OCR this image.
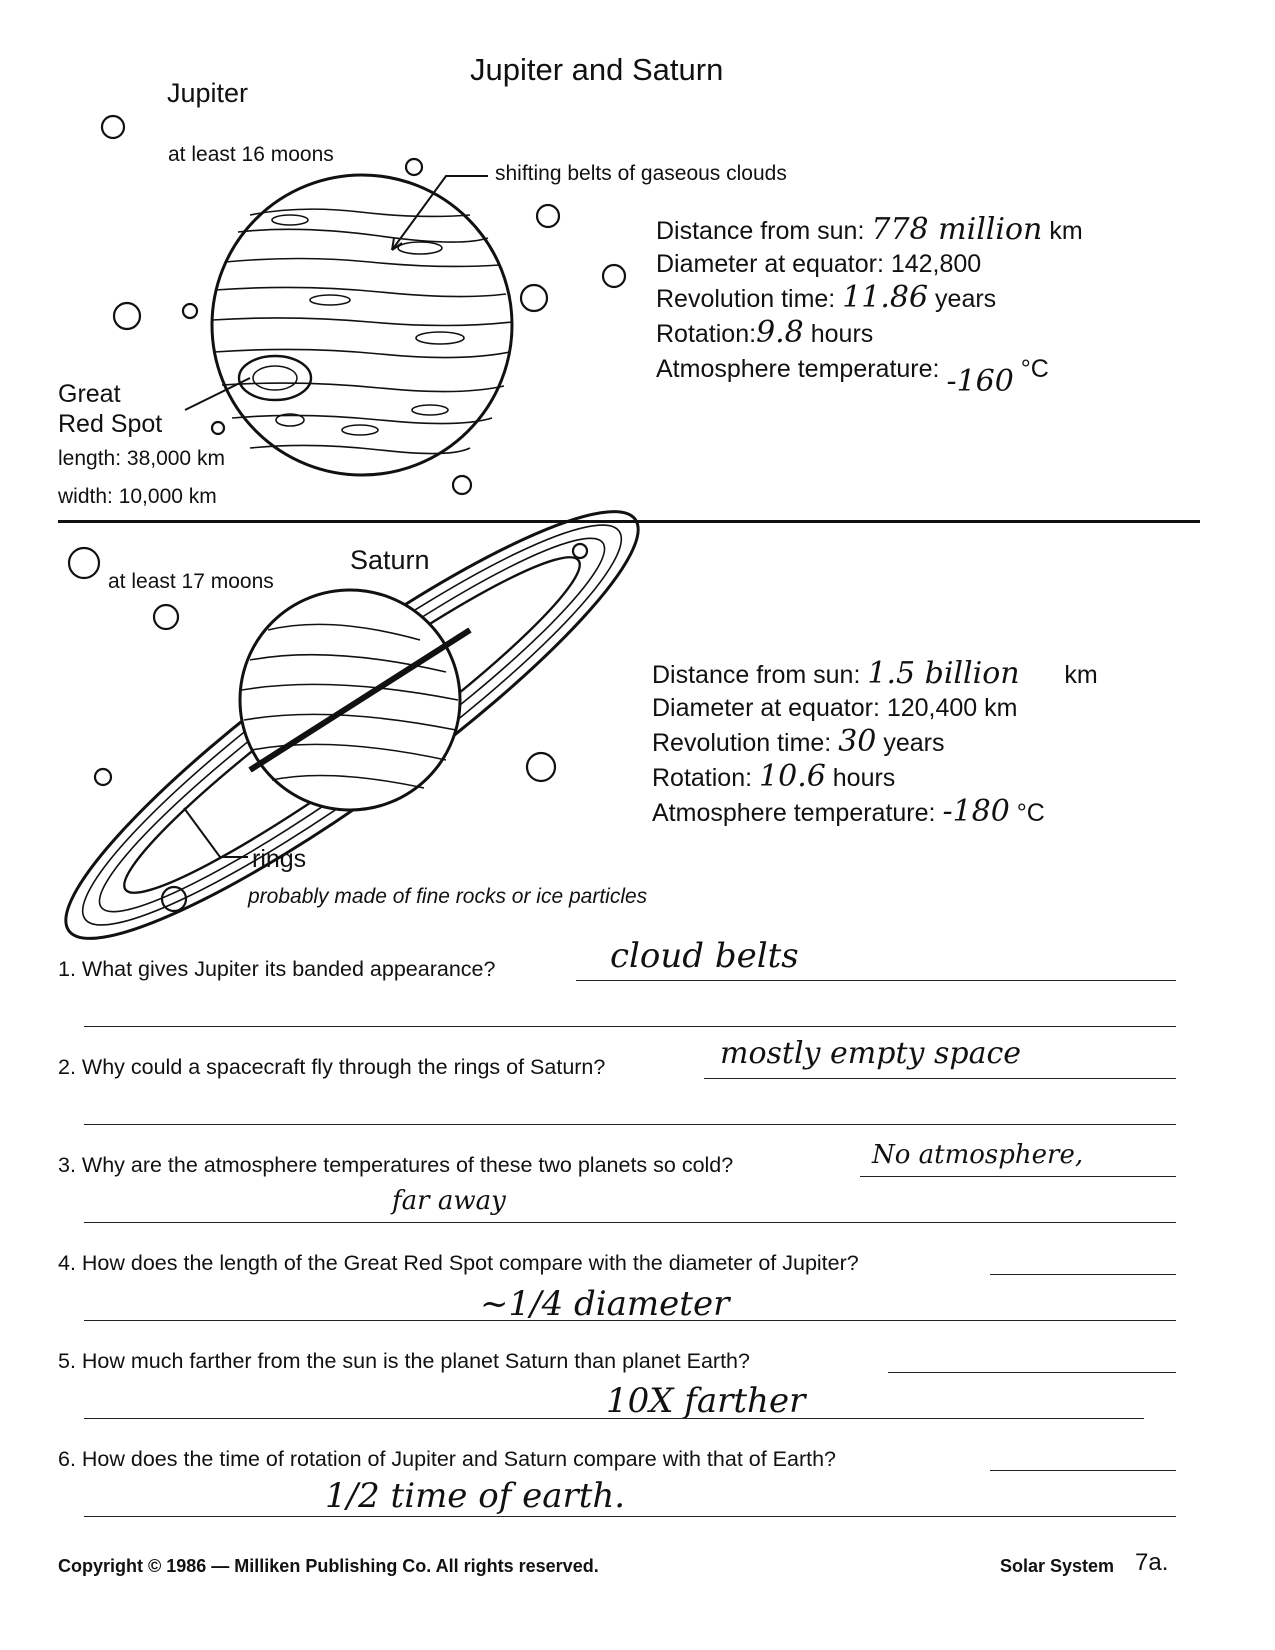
Jupiter and Saturn
Jupiter
at least 16 moons
shifting belts of gaseous clouds
Great
Red Spot
length: 38,000 km
width: 10,000 km
Distance from sun: 778 million km
Diameter at equator: 142,800
Revolution time: 11.86 years
Rotation:9.8 hours
Atmosphere temperature: -160 °C
Saturn
at least 17 moons
rings
probably made of fine rocks or ice particles
Distance from sun: 1.5 billion km
Diameter at equator: 120,400 km
Revolution time: 30 years
Rotation: 10.6 hours
Atmosphere temperature: -180 °C
1. What gives Jupiter its banded appearance?	cloud belts
2. Why could a spacecraft fly through the rings of Saturn?	mostly empty space
3. Why are the atmosphere temperatures of these two planets so cold?	No atmosphere,
far away
4. How does the length of the Great Red Spot compare with the diameter of Jupiter?
~1/4 diameter
5. How much farther from the sun is the planet Saturn than planet Earth?
10X farther
6. How does the time of rotation of Jupiter and Saturn compare with that of Earth?
1/2 time of earth.
Copyright © 1986 — Milliken Publishing Co. All rights reserved.	Solar System 7a.
